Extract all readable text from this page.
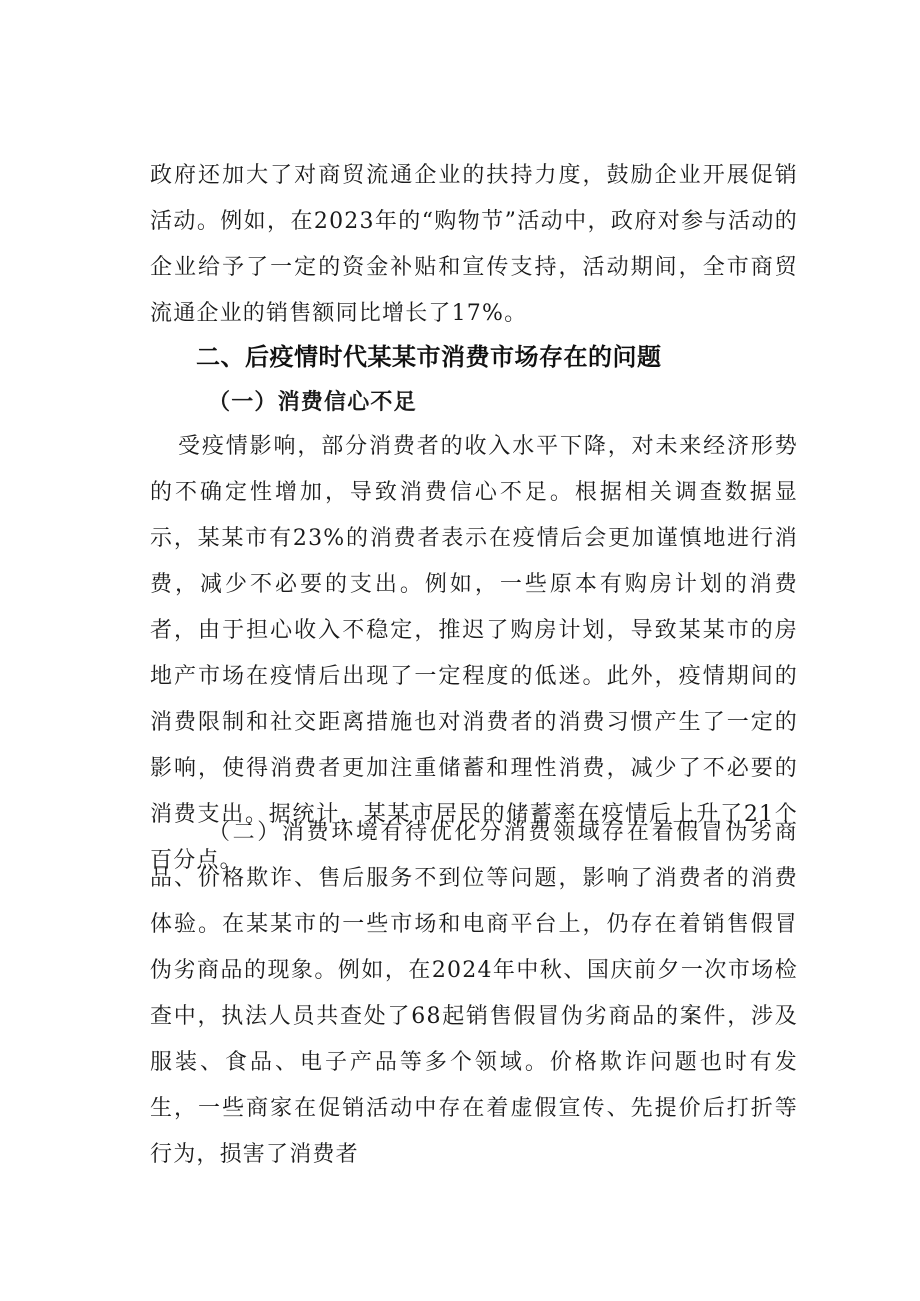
政府还加大了对商贸流通企业的扶持力度，鼓励企业开展促销活动。例如，在2023年的“购物节”活动中，政府对参与活动的企业给予了一定的资金补贴和宣传支持，活动期间，全市商贸流通企业的销售额同比增长了17%。

二、后疫情时代某某市消费市场存在的问题
（一）消费信心不足

受疫情影响，部分消费者的收入水平下降，对未来经济形势的不确定性增加，导致消费信心不足。根据相关调查数据显示，某某市有23%的消费者表示在疫情后会更加谨慎地进行消费，减少不必要的支出。例如，一些原本有购房计划的消费者，由于担心收入不稳定，推迟了购房计划，导致某某市的房地产市场在疫情后出现了一定程度的低迷。此外，疫情期间的消费限制和社交距离措施也对消费者的消费习惯产生了一定的影响，使得消费者更加注重储蓄和理性消费，减少了不必要的消费支出。据统计，某某市居民的储蓄率在疫情后上升了21个百分点。

（二）消费环境有待优化分消费领域存在着假冒伪劣商品、价格欺诈、售后服务不到位等问题，影响了消费者的消费体验。在某某市的一些市场和电商平台上，仍存在着销售假冒伪劣商品的现象。例如，在2024年中秋、国庆前夕一次市场检查中，执法人员共查处了68起销售假冒伪劣商品的案件，涉及服装、食品、电子产品等多个领域。价格欺诈问题也时有发生，一些商家在促销活动中存在着虚假宣传、先提价后打折等行为，损害了消费者
